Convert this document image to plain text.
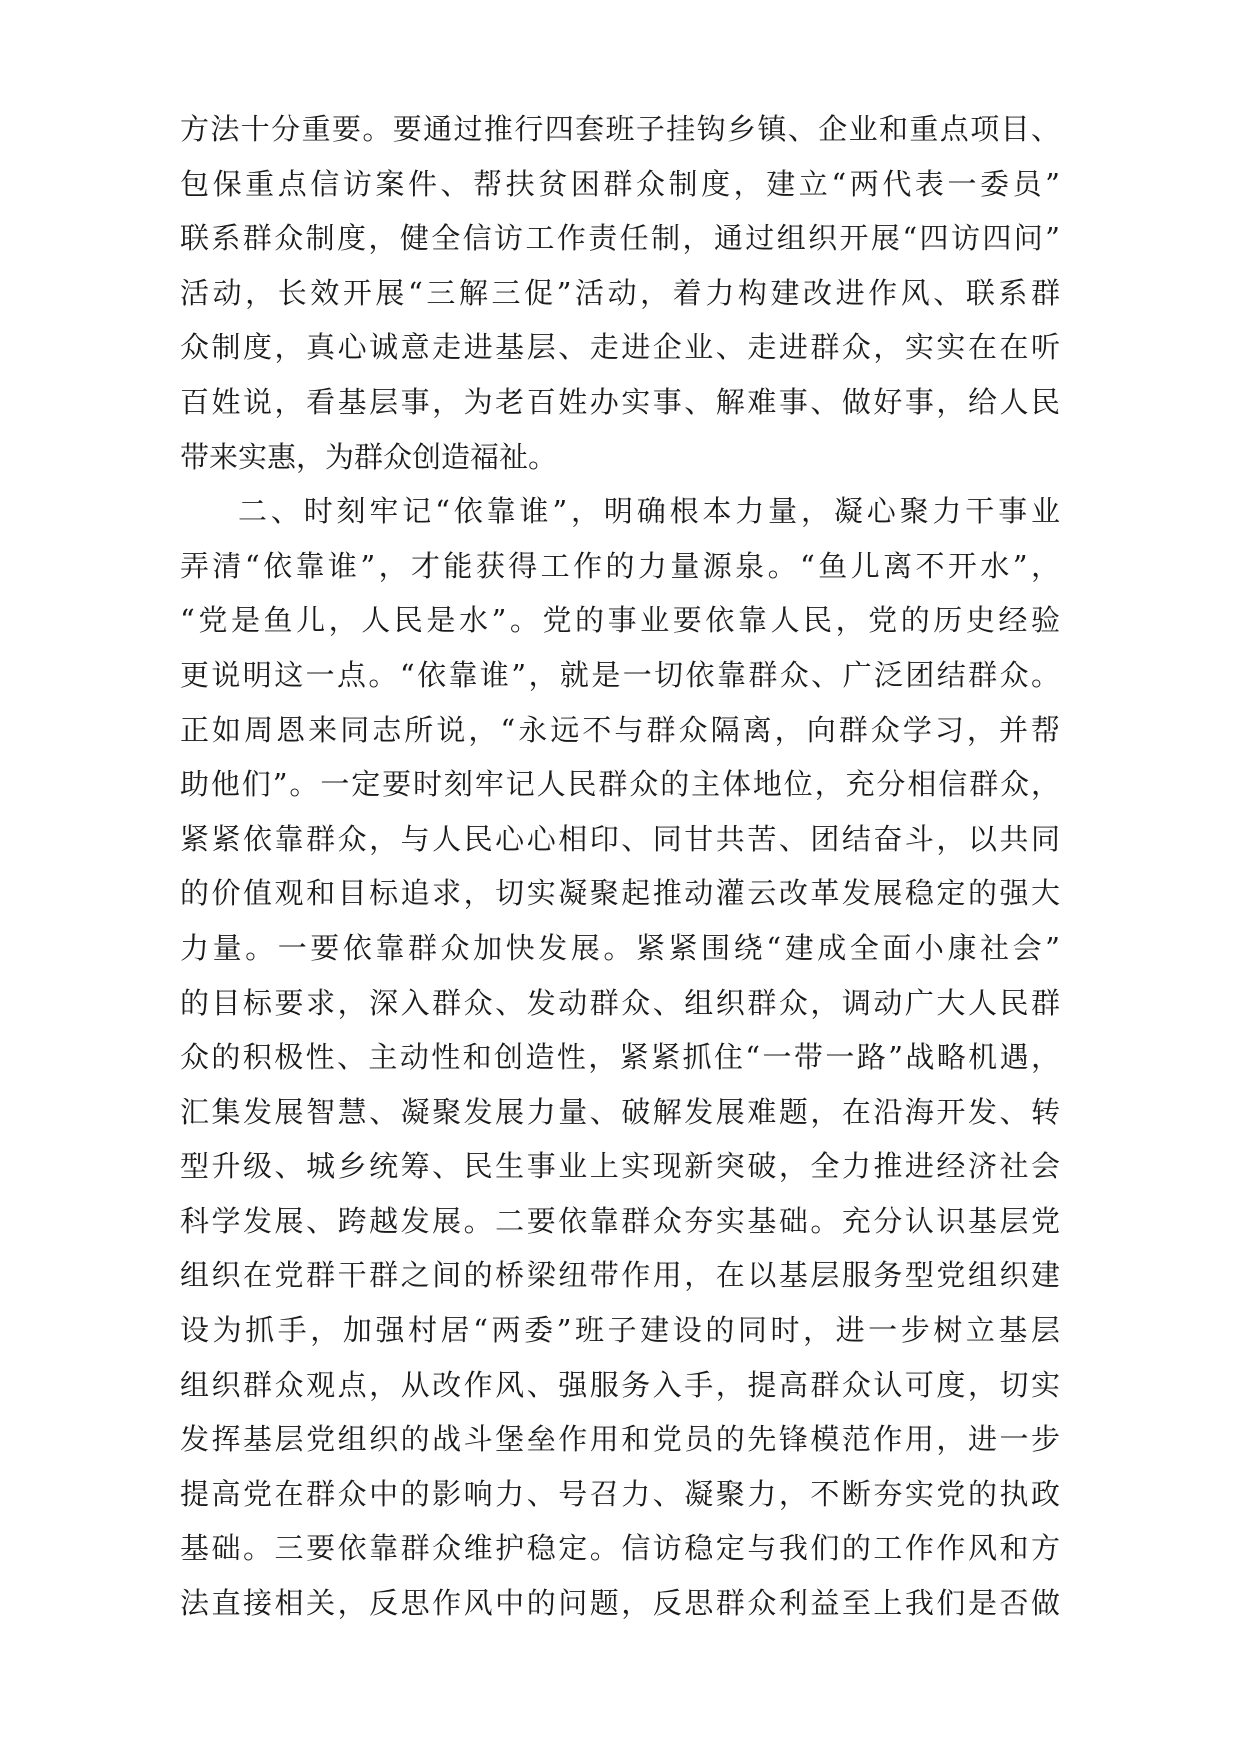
方法十分重要。要通过推行四套班子挂钩乡镇、企业和重点项目、
包保重点信访案件、帮扶贫困群众制度，建立“两代表一委员”
联系群众制度，健全信访工作责任制，通过组织开展“四访四问”
活动，长效开展“三解三促”活动，着力构建改进作风、联系群
众制度，真心诚意走进基层、走进企业、走进群众，实实在在听
百姓说，看基层事，为老百姓办实事、解难事、做好事，给人民
带来实惠，为群众创造福祉。
二、时刻牢记“依靠谁”，明确根本力量，凝心聚力干事业
弄清“依靠谁”，才能获得工作的力量源泉。“鱼儿离不开水”，
“党是鱼儿，人民是水”。党的事业要依靠人民，党的历史经验
更说明这一点。“依靠谁”，就是一切依靠群众、广泛团结群众。
正如周恩来同志所说，“永远不与群众隔离，向群众学习，并帮
助他们”。一定要时刻牢记人民群众的主体地位，充分相信群众，
紧紧依靠群众，与人民心心相印、同甘共苦、团结奋斗，以共同
的价值观和目标追求，切实凝聚起推动灌云改革发展稳定的强大
力量。一要依靠群众加快发展。紧紧围绕“建成全面小康社会”
的目标要求，深入群众、发动群众、组织群众，调动广大人民群
众的积极性、主动性和创造性，紧紧抓住“一带一路”战略机遇，
汇集发展智慧、凝聚发展力量、破解发展难题，在沿海开发、转
型升级、城乡统筹、民生事业上实现新突破，全力推进经济社会
科学发展、跨越发展。二要依靠群众夯实基础。充分认识基层党
组织在党群干群之间的桥梁纽带作用，在以基层服务型党组织建
设为抓手，加强村居“两委”班子建设的同时，进一步树立基层
组织群众观点，从改作风、强服务入手，提高群众认可度，切实
发挥基层党组织的战斗堡垒作用和党员的先锋模范作用，进一步
提高党在群众中的影响力、号召力、凝聚力，不断夯实党的执政
基础。三要依靠群众维护稳定。信访稳定与我们的工作作风和方
法直接相关，反思作风中的问题，反思群众利益至上我们是否做
